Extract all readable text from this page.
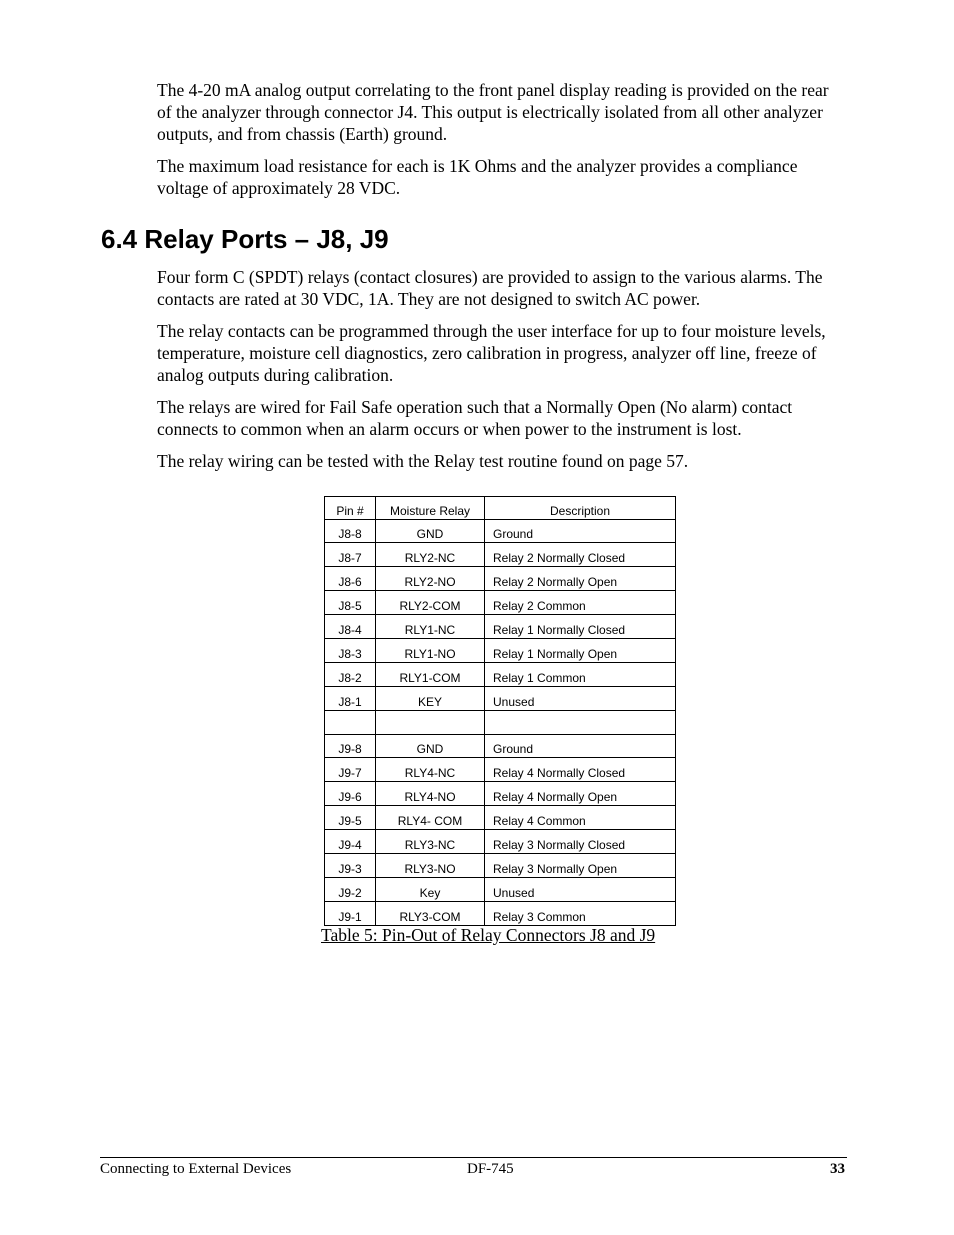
The 4-20 mA analog output correlating to the front panel display reading is provided on the rear of the analyzer through connector J4. This output is electrically isolated from all other analyzer outputs, and from chassis (Earth) ground.

The maximum load resistance for each is 1K Ohms and the analyzer provides a compliance voltage of approximately 28 VDC.

6.4 Relay Ports – J8, J9

Four form C (SPDT) relays (contact closures) are provided to assign to the various alarms. The contacts are rated at 30 VDC, 1A. They are not designed to switch AC power.

The relay contacts can be programmed through the user interface for up to four moisture levels, temperature, moisture cell diagnostics, zero calibration in progress, analyzer off line, freeze of analog outputs during calibration.

The relays are wired for Fail Safe operation such that a Normally Open (No alarm) contact connects to common when an alarm occurs or when power to the instrument is lost.

The relay wiring can be tested with the Relay test routine found on page 57.

Pin #	Moisture Relay	Description
J8-8	GND	Ground
J8-7	RLY2-NC	Relay 2 Normally Closed
J8-6	RLY2-NO	Relay 2 Normally Open
J8-5	RLY2-COM	Relay 2 Common
J8-4	RLY1-NC	Relay 1 Normally Closed
J8-3	RLY1-NO	Relay 1 Normally Open
J8-2	RLY1-COM	Relay 1 Common
J8-1	KEY	Unused

J9-8	GND	Ground
J9-7	RLY4-NC	Relay 4 Normally Closed
J9-6	RLY4-NO	Relay 4 Normally Open
J9-5	RLY4- COM	Relay 4 Common
J9-4	RLY3-NC	Relay 3 Normally Closed
J9-3	RLY3-NO	Relay 3 Normally Open
J9-2	Key	Unused
J9-1	RLY3-COM	Relay 3 Common

Table 5: Pin-Out of Relay Connectors J8 and J9

Connecting to External Devices	DF-745	33
